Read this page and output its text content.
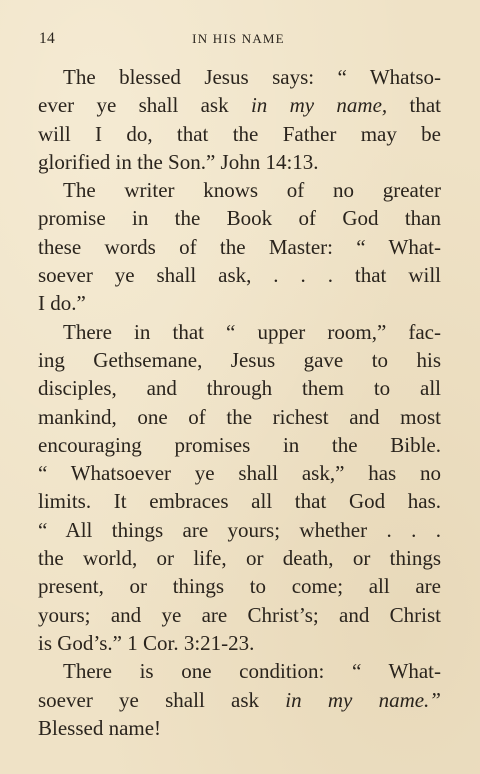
14	IN HIS NAME
The blessed Jesus says: “ Whatso-
ever ye shall ask in my name, that
will I do, that the Father may be
glorified in the Son.” John 14:13.
The writer knows of no greater
promise in the Book of God than
these words of the Master: “ What-
soever ye shall ask, . . . that will
I do.”
There in that “ upper room,” fac-
ing Gethsemane, Jesus gave to his
disciples, and through them to all
mankind, one of the richest and most
encouraging promises in the Bible.
“ Whatsoever ye shall ask,” has no
limits. It embraces all that God has.
“ All things are yours; whether . . .
the world, or life, or death, or things
present, or things to come; all are
yours; and ye are Christ’s; and Christ
is God’s.” 1 Cor. 3:21-23.
There is one condition: “ What-
soever ye shall ask in my name.”
Blessed name!
